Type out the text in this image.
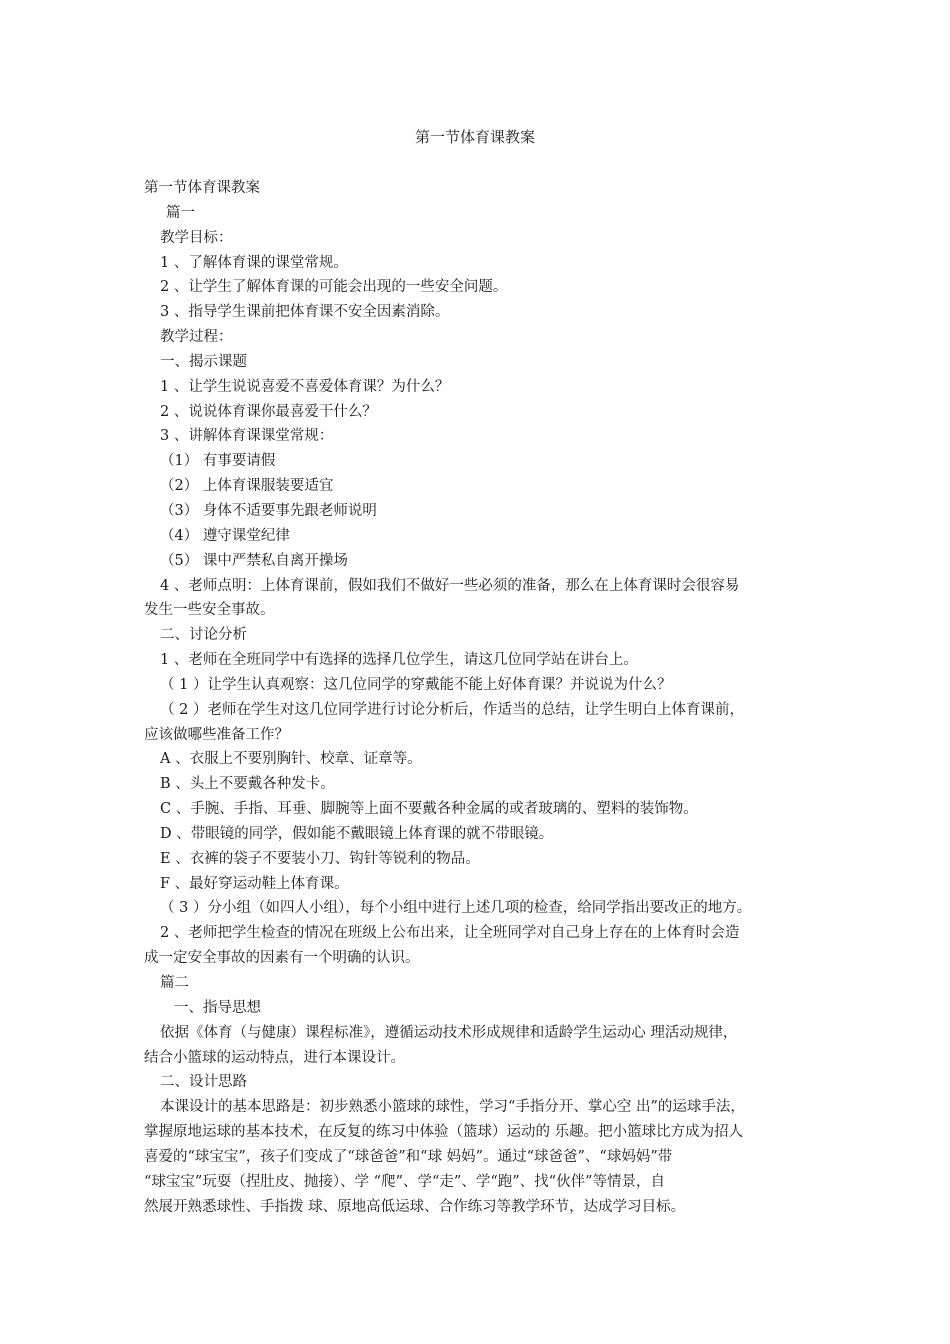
第一节体育课教案
第一节体育课教案
篇一
教学目标：
1 、了解体育课的课堂常规。
2 、让学生了解体育课的可能会出现的一些安全问题。
3 、指导学生课前把体育课不安全因素消除。
教学过程：
一、揭示课题
1 、让学生说说喜爱不喜爱体育课？为什么？
2 、说说体育课你最喜爱干什么？
3 、讲解体育课课堂常规：
（1） 有事要请假
（2） 上体育课服装要适宜
（3） 身体不适要事先跟老师说明
（4） 遵守课堂纪律
（5） 课中严禁私自离开操场
4 、老师点明：上体育课前，假如我们不做好一些必须的准备，那么在上体育课时会很容易
发生一些安全事故。
二、讨论分析
1 、老师在全班同学中有选择的选择几位学生，请这几位同学站在讲台上。
（ 1 ）让学生认真观察：这几位同学的穿戴能不能上好体育课？并说说为什么？
（ 2 ）老师在学生对这几位同学进行讨论分析后，作适当的总结，让学生明白上体育课前，
应该做哪些准备工作？
A 、衣服上不要别胸针、校章、证章等。
B 、头上不要戴各种发卡。
C 、手腕、手指、耳垂、脚腕等上面不要戴各种金属的或者玻璃的、塑料的装饰物。
D 、带眼镜的同学，假如能不戴眼镜上体育课的就不带眼镜。
E 、衣裤的袋子不要装小刀、钩针等锐利的物品。
F 、最好穿运动鞋上体育课。
（ 3 ）分小组（如四人小组），每个小组中进行上述几项的检查，给同学指出要改正的地方。
2 、老师把学生检查的情况在班级上公布出来，让全班同学对自己身上存在的上体育时会造
成一定安全事故的因素有一个明确的认识。
篇二
一、指导思想
依据《体育（与健康）课程标准》，遵循运动技术形成规律和适龄学生运动心 理活动规律，
结合小篮球的运动特点，进行本课设计。
二、设计思路
本课设计的基本思路是：初步熟悉小篮球的球性，学习“手指分开、掌心空 出”的运球手法，
掌握原地运球的基本技术，在反复的练习中体验（篮球）运动的 乐趣。把小篮球比方成为招人
喜爱的“球宝宝”，孩子们变成了“球爸爸”和“球 妈妈”。通过“球爸爸”、“球妈妈”带
“球宝宝”玩耍（捏肚皮、抛接）、学 “爬”、学“走”、学“跑”、找“伙伴”等情景，自
然展开熟悉球性、手指拨 球、原地高低运球、合作练习等教学环节，达成学习目标。
